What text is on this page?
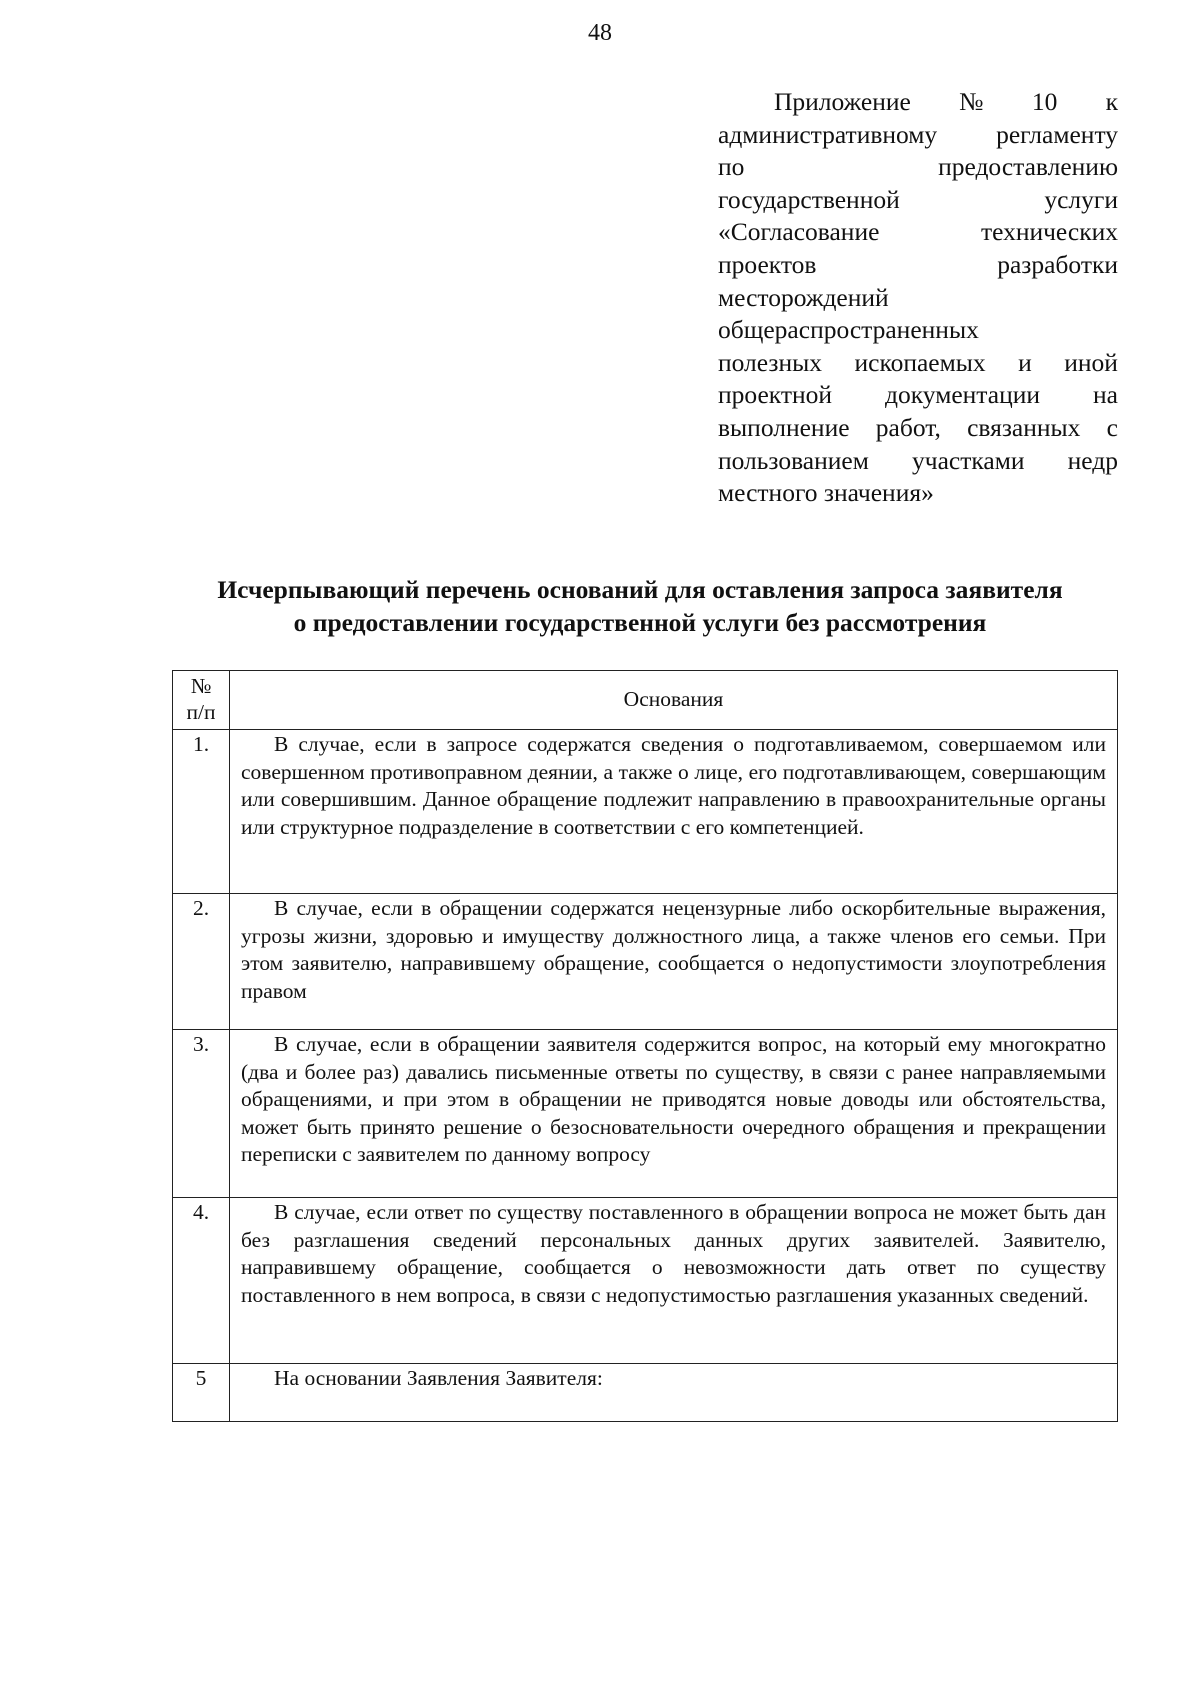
48
Приложение № 10 к
административному регламенту
по	предоставлению
государственной	услуги
«Согласование	технических
проектов	разработки
месторождений
общераспространенных
полезных ископаемых и иной
проектной документации на
выполнение работ, связанных с
пользованием участками недр
местного значения»
Исчерпывающий перечень оснований для оставления запроса заявителя
о предоставлении государственной услуги без рассмотрения
№
п/п	Основания
1.	В случае, если в запросе содержатся сведения о подготавливаемом, совершаемом или совершенном противоправном деянии, а также о лице, его подготавливающем, совершающим или совершившим. Данное обращение подлежит направлению в правоохранительные органы или структурное подразделение в соответствии с его компетенцией.

2.	В случае, если в обращении содержатся нецензурные либо оскорбительные выражения, угрозы жизни, здоровью и имуществу должностного лица, а также членов его семьи. При этом заявителю, направившему обращение, сообщается о недопустимости злоупотребления правом

3.	В случае, если в обращении заявителя содержится вопрос, на который ему многократно (два и более раз) давались письменные ответы по существу, в связи с ранее направляемыми обращениями, и при этом в обращении не приводятся новые доводы или обстоятельства, может быть принято решение о безосновательности очередного обращения и прекращении переписки с заявителем по данному вопросу

4.	В случае, если ответ по существу поставленного в обращении вопроса не может быть дан без разглашения сведений персональных данных других заявителей. Заявителю, направившему обращение, сообщается о невозможности дать ответ по существу поставленного в нем вопроса, в связи с недопустимостью разглашения указанных сведений.

5	На основании Заявления Заявителя:
